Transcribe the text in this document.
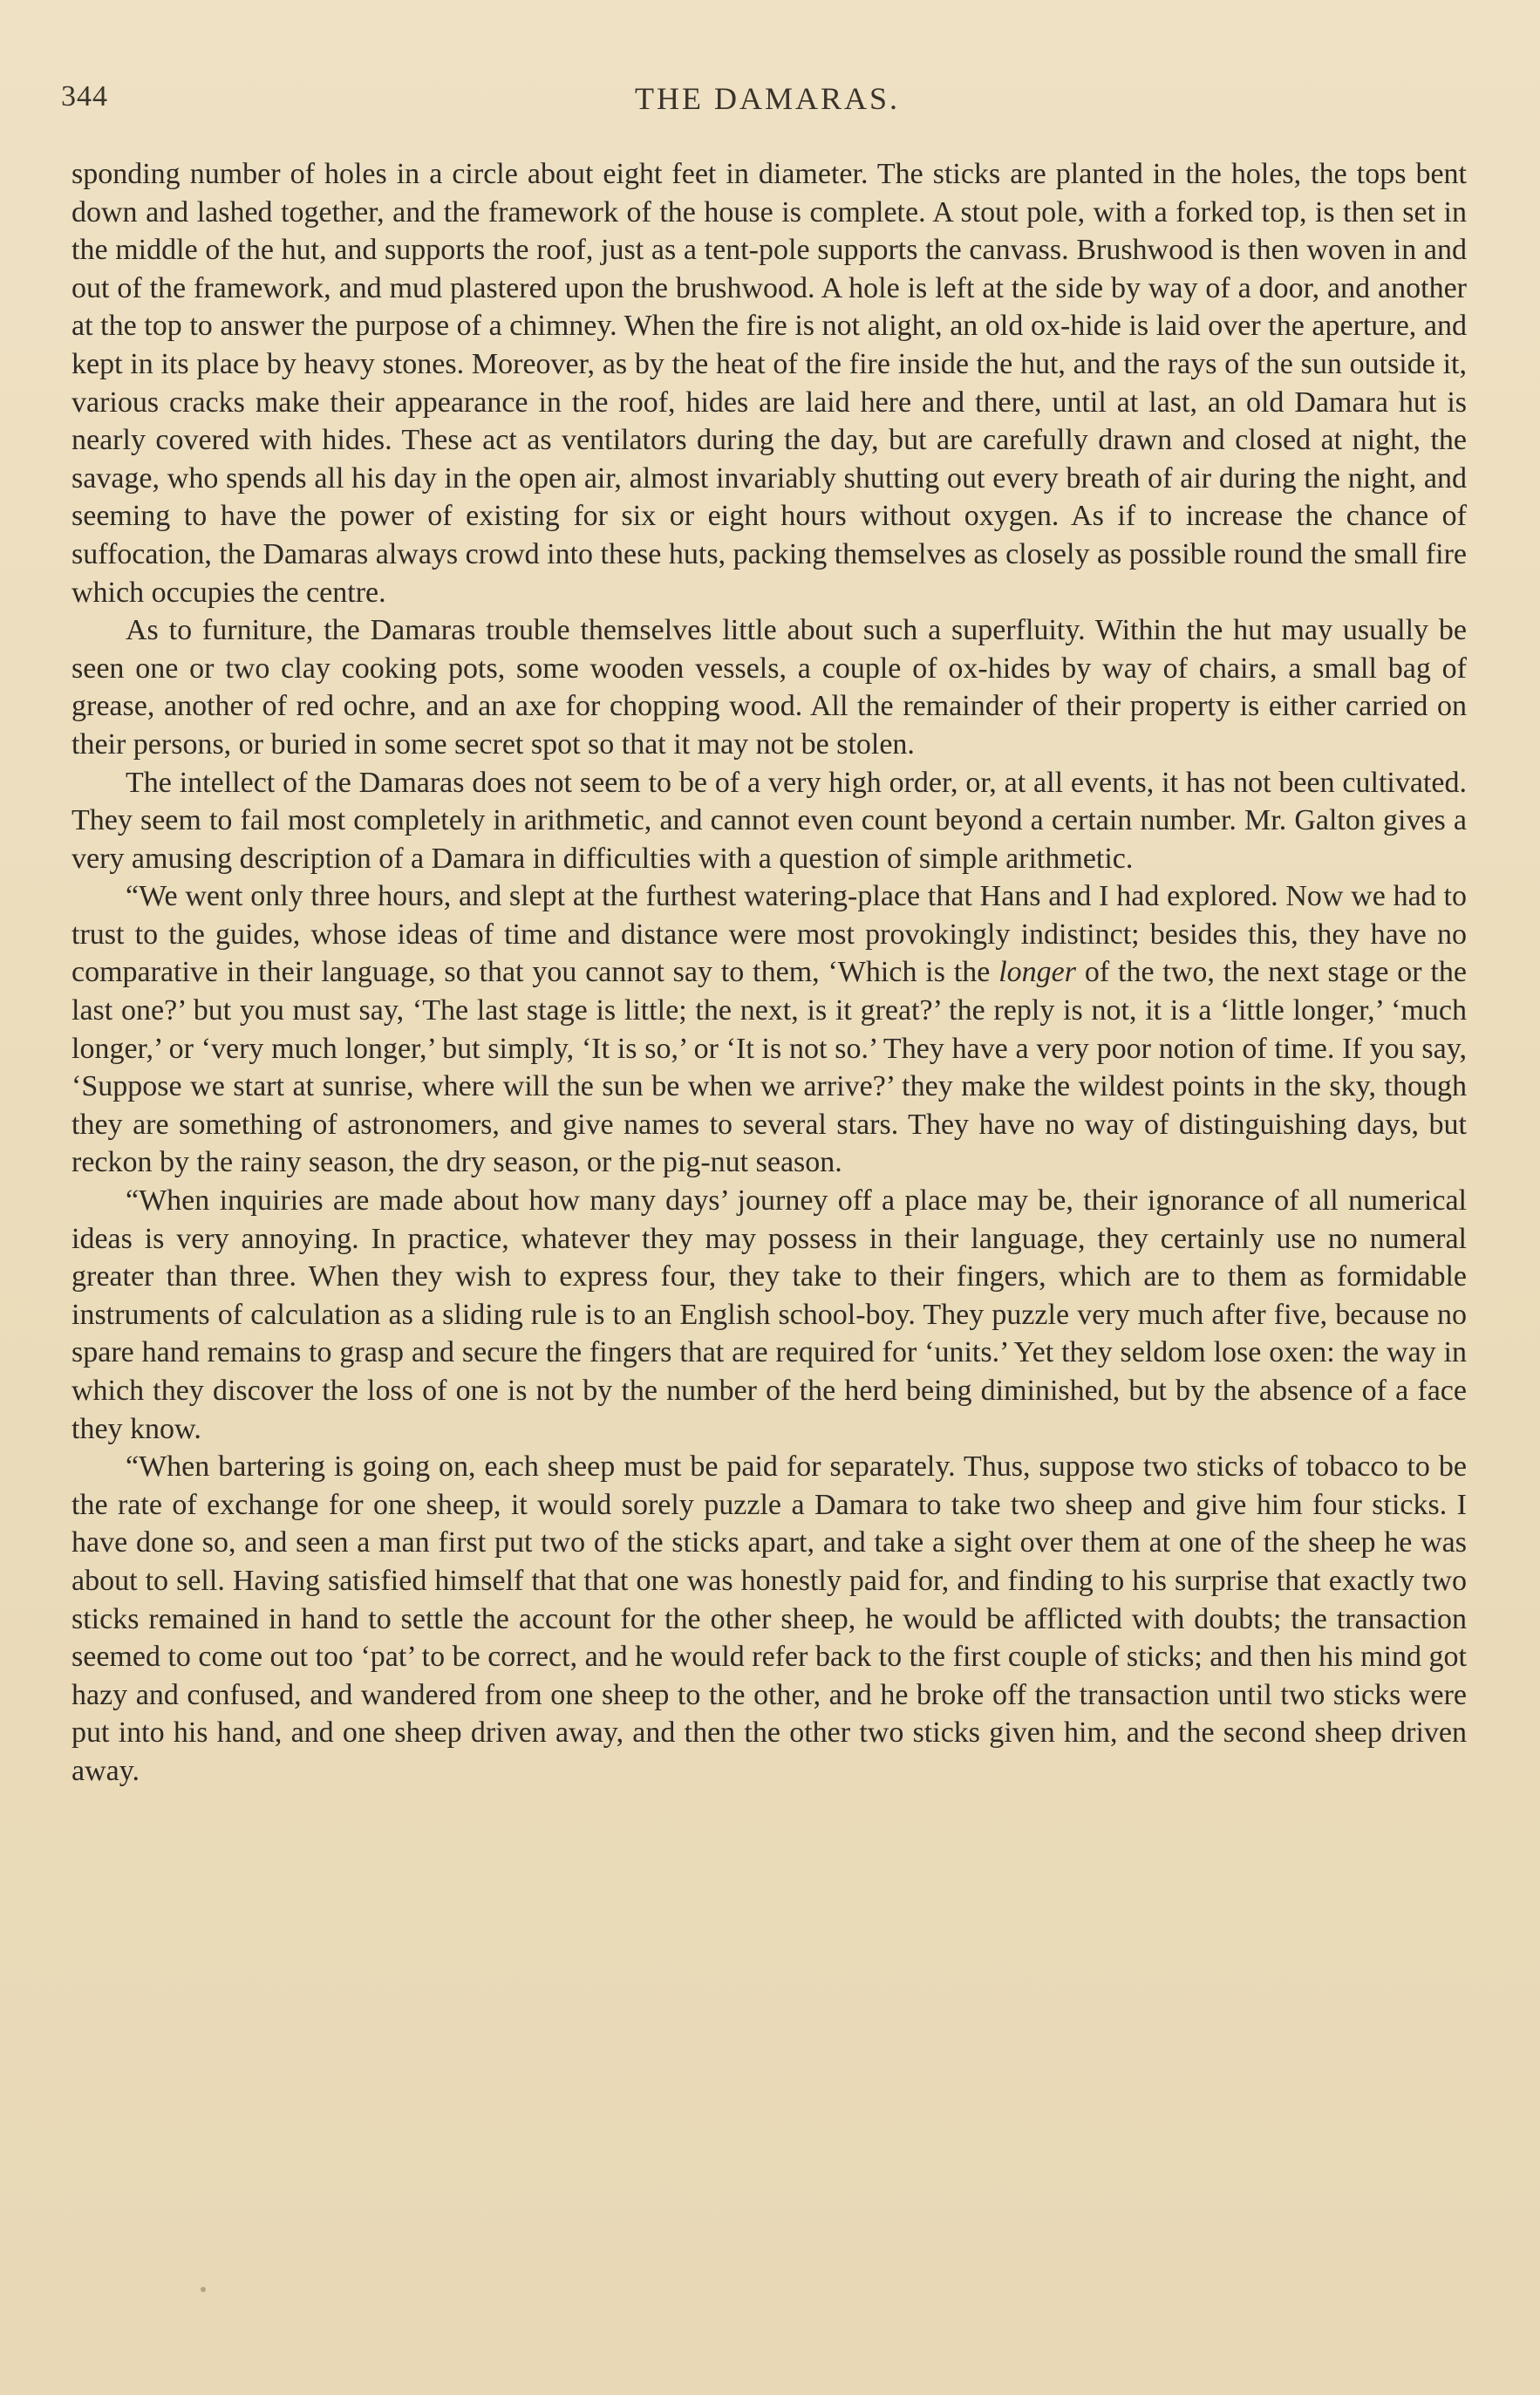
344	THE DAMARAS.

sponding number of holes in a circle about eight feet in diameter. The sticks are planted in the holes, the tops bent down and lashed together, and the framework of the house is complete. A stout pole, with a forked top, is then set in the middle of the hut, and supports the roof, just as a tent-pole supports the canvass. Brushwood is then woven in and out of the framework, and mud plastered upon the brushwood. A hole is left at the side by way of a door, and another at the top to answer the purpose of a chimney. When the fire is not alight, an old ox-hide is laid over the aperture, and kept in its place by heavy stones. Moreover, as by the heat of the fire inside the hut, and the rays of the sun outside it, various cracks make their appearance in the roof, hides are laid here and there, until at last, an old Damara hut is nearly covered with hides. These act as ventilators during the day, but are carefully drawn and closed at night, the savage, who spends all his day in the open air, almost invariably shutting out every breath of air during the night, and seeming to have the power of existing for six or eight hours without oxygen. As if to increase the chance of suffocation, the Damaras always crowd into these huts, packing themselves as closely as possible round the small fire which occupies the centre.

As to furniture, the Damaras trouble themselves little about such a superfluity. Within the hut may usually be seen one or two clay cooking pots, some wooden vessels, a couple of ox-hides by way of chairs, a small bag of grease, another of red ochre, and an axe for chopping wood. All the remainder of their property is either carried on their persons, or buried in some secret spot so that it may not be stolen.

The intellect of the Damaras does not seem to be of a very high order, or, at all events, it has not been cultivated. They seem to fail most completely in arithmetic, and cannot even count beyond a certain number. Mr. Galton gives a very amusing description of a Damara in difficulties with a question of simple arithmetic.

“We went only three hours, and slept at the furthest watering-place that Hans and I had explored. Now we had to trust to the guides, whose ideas of time and distance were most provokingly indistinct; besides this, they have no comparative in their language, so that you cannot say to them, ‘Which is the longer of the two, the next stage or the last one?’ but you must say, ‘The last stage is little; the next, is it great?’ the reply is not, it is a ‘little longer,’ ‘much longer,’ or ‘very much longer,’ but simply, ‘It is so,’ or ‘It is not so.’ They have a very poor notion of time. If you say, ‘Suppose we start at sunrise, where will the sun be when we arrive?’ they make the wildest points in the sky, though they are something of astronomers, and give names to several stars. They have no way of distinguishing days, but reckon by the rainy season, the dry season, or the pig-nut season.

“When inquiries are made about how many days’ journey off a place may be, their ignorance of all numerical ideas is very annoying. In practice, whatever they may possess in their language, they certainly use no numeral greater than three. When they wish to express four, they take to their fingers, which are to them as formidable instruments of calculation as a sliding rule is to an English school-boy. They puzzle very much after five, because no spare hand remains to grasp and secure the fingers that are required for ‘units.’ Yet they seldom lose oxen: the way in which they discover the loss of one is not by the number of the herd being diminished, but by the absence of a face they know.

“When bartering is going on, each sheep must be paid for separately. Thus, suppose two sticks of tobacco to be the rate of exchange for one sheep, it would sorely puzzle a Damara to take two sheep and give him four sticks. I have done so, and seen a man first put two of the sticks apart, and take a sight over them at one of the sheep he was about to sell. Having satisfied himself that that one was honestly paid for, and finding to his surprise that exactly two sticks remained in hand to settle the account for the other sheep, he would be afflicted with doubts; the transaction seemed to come out too ‘pat’ to be correct, and he would refer back to the first couple of sticks; and then his mind got hazy and confused, and wandered from one sheep to the other, and he broke off the transaction until two sticks were put into his hand, and one sheep driven away, and then the other two sticks given him, and the second sheep driven away.
